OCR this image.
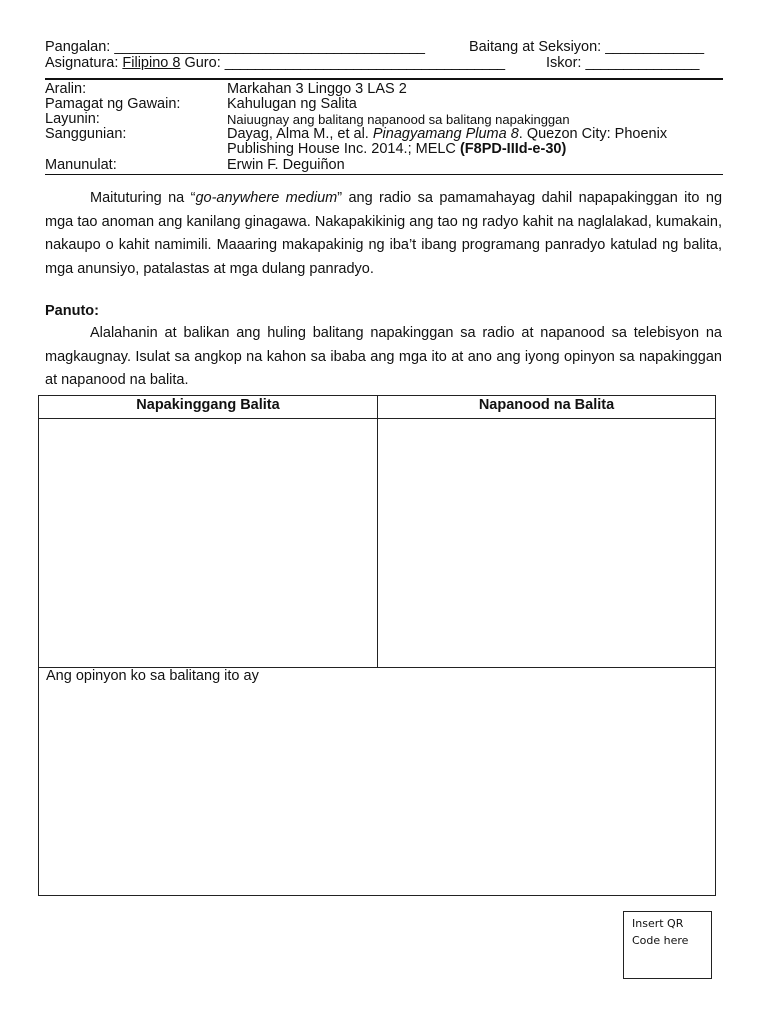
Pangalan: _________________________________________	Baitang at Seksiyon: _____________
Asignatura: Filipino 8 Guro: _____________________________________	Iskor: _______________
Aralin:	Markahan 3 Linggo 3 LAS 2
Pamagat ng Gawain:	Kahulugan ng Salita
Layunin:	Naiuugnay ang balitang napanood sa balitang napakinggan
Sanggunian:	Dayag, Alma M., et al. Pinagyamang Pluma 8. Quezon City: Phoenix
Publishing House Inc. 2014.; MELC (F8PD-IIId-e-30)
Manunulat:	Erwin F. Deguiñon
Maituturing na “go-anywhere medium” ang radio sa pamamahayag dahil napapakinggan ito ng mga tao anoman ang kanilang ginagawa. Nakapakikinig ang tao ng radyo kahit na naglalakad, kumakain, nakaupo o kahit namimili. Maaaring makapakinig ng iba’t ibang programang panradyo katulad ng balita, mga anunsiyo, patalastas at mga dulang panradyo.
Panuto:
Alalahanin at balikan ang huling balitang napakinggan sa radio at napanood sa telebisyon na magkaugnay. Isulat sa angkop na kahon sa ibaba ang mga ito at ano ang iyong opinyon sa napakinggan at napanood na balita.
Napakinggang Balita	Napanood na Balita

Ang opinyon ko sa balitang ito ay
Insert QR Code here
